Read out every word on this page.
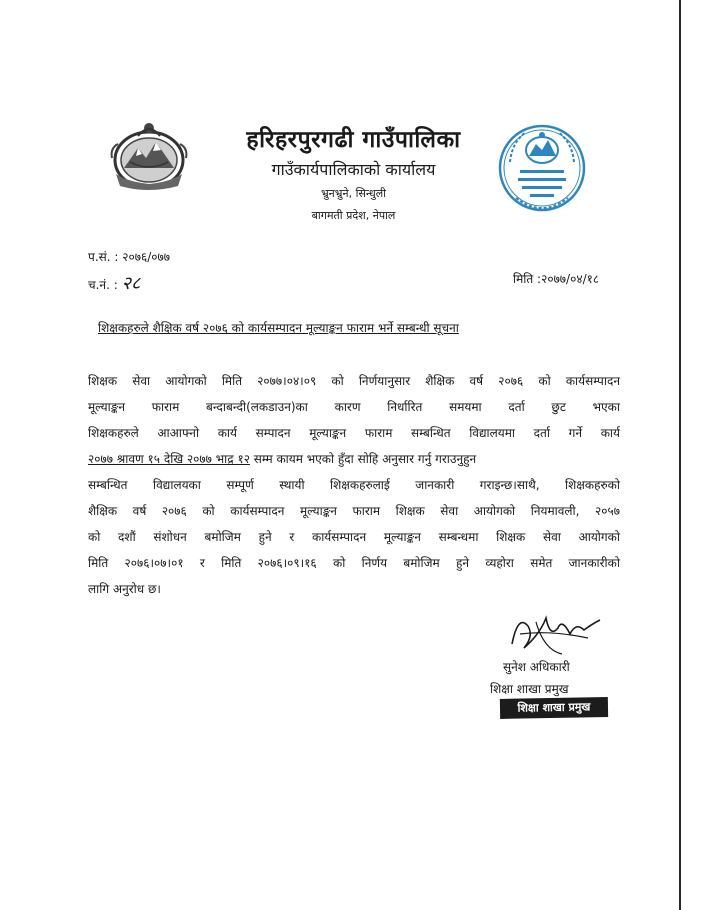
हरिहरपुरगढी गाउँपालिका
गाउँकार्यपालिकाको कार्यालय
भ्रुनभ्रुने, सिन्धुली
बागमती प्रदेश, नेपाल
प.सं. : २०७६/०७७
च.नं. : २८	मिति :२०७७/०४/१८
शिक्षकहरुले शैक्षिक वर्ष २०७६ को कार्यसम्पादन मूल्याङ्कन फाराम भर्ने सम्बन्धी सूचना
शिक्षक सेवा आयोगको मिति २०७७।०४।०९ को निर्णयानुसार शैक्षिक वर्ष २०७६ को कार्यसम्पादन
मूल्याङ्कन फाराम बन्दाबन्दी(लकडाउन)का कारण निर्धारित समयमा दर्ता छुट भएका
शिक्षकहरुले आआफ्नो कार्य सम्पादन मूल्याङ्कन फाराम सम्बन्धित विद्यालयमा दर्ता गर्ने कार्य
२०७७ श्रावण १५ देखि २०७७ भाद्र १२ सम्म कायम भएको हुँदा सोहि अनुसार गर्नु गराउनुहुन
सम्बन्धित विद्यालयका सम्पूर्ण स्थायी शिक्षकहरुलाई जानकारी गराइन्छ।साथै, शिक्षकहरुको
शैक्षिक वर्ष २०७६ को कार्यसम्पादन मूल्याङ्कन फाराम शिक्षक सेवा आयोगको नियमावली, २०५७
को दशौं संशोधन बमोजिम हुने र कार्यसम्पादन मूल्याङ्कन सम्बन्धमा शिक्षक सेवा आयोगको
मिति २०७६।०७।०१ र मिति २०७६।०९।१६ को निर्णय बमोजिम हुने व्यहोरा समेत जानकारीको
लागि अनुरोध छ।
सुनेश अधिकारी
शिक्षा शाखा प्रमुख
शिक्षा शाखा प्रमुख
